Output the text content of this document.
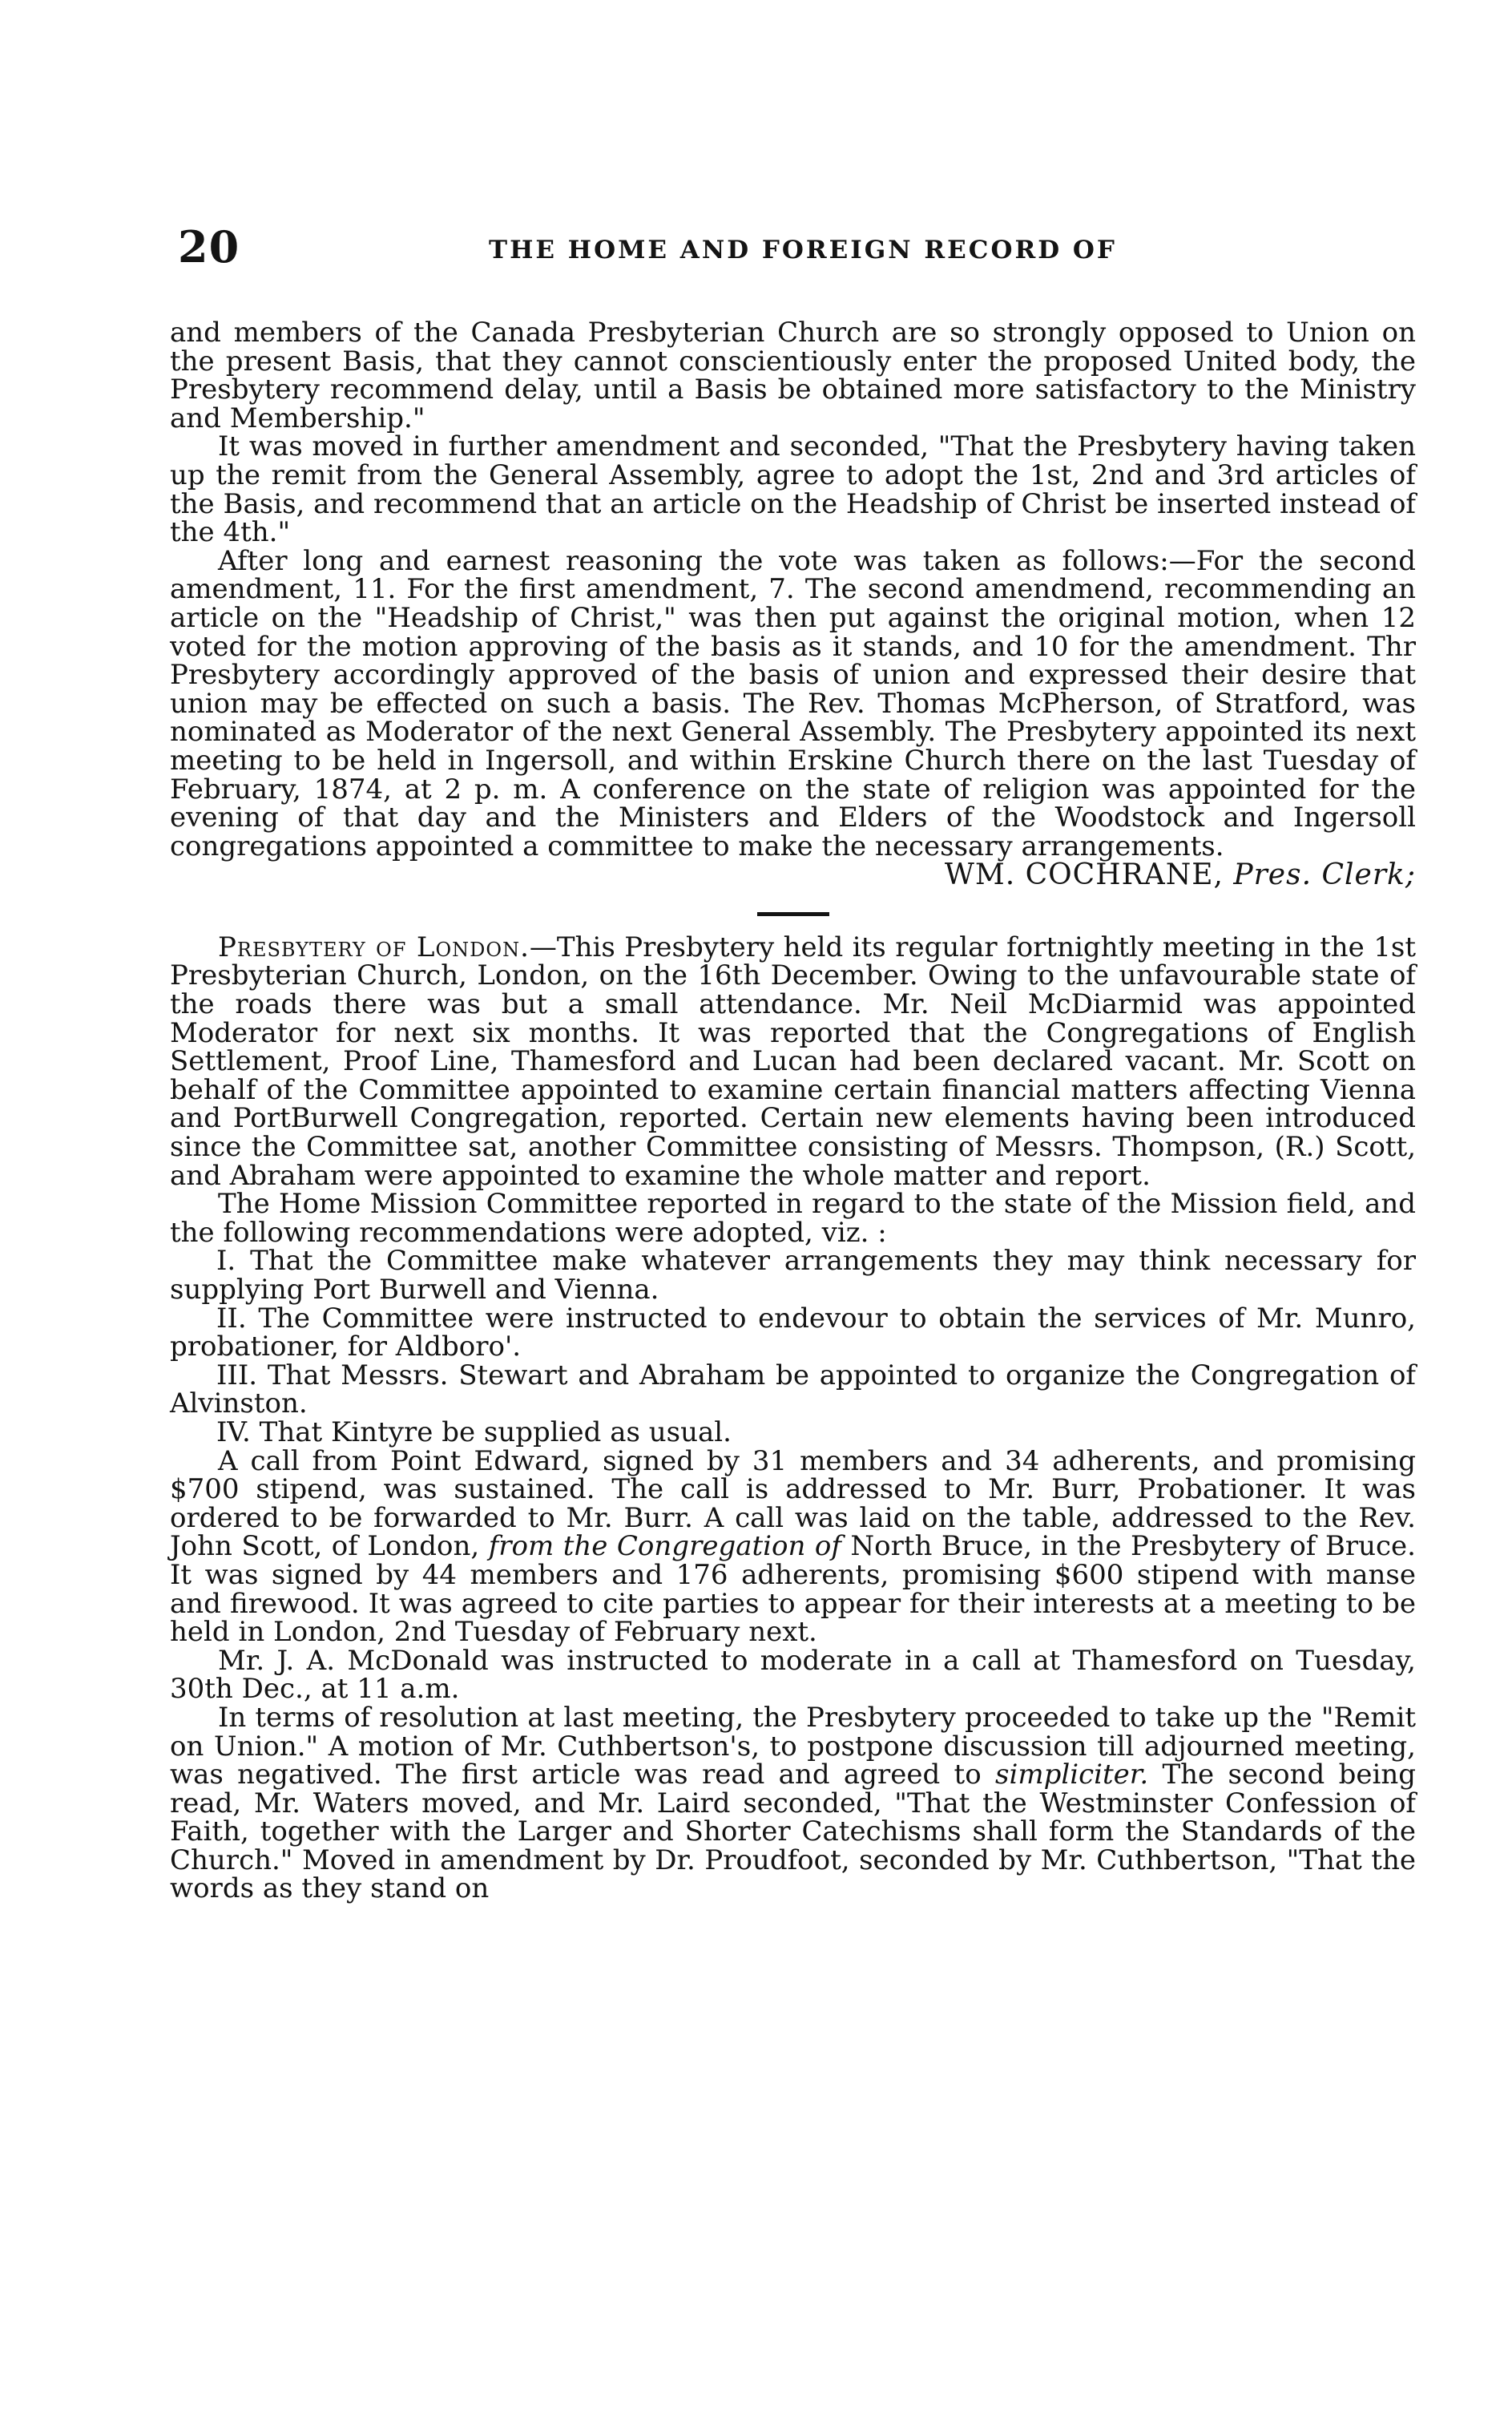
20	THE HOME AND FOREIGN RECORD OF

and members of the Canada Presbyterian Church are so strongly opposed to Union on the present Basis, that they cannot conscientiously enter the proposed United body, the Presbytery recommend delay, until a Basis be obtained more satisfactory to the Ministry and Membership."

It was moved in further amendment and seconded, "That the Presbytery having taken up the remit from the General Assembly, agree to adopt the 1st, 2nd and 3rd articles of the Basis, and recommend that an article on the Headship of Christ be inserted instead of the 4th."

After long and earnest reasoning the vote was taken as follows:—For the second amendment, 11. For the first amendment, 7. The second amendmend, recommending an article on the "Headship of Christ," was then put against the original motion, when 12 voted for the motion approving of the basis as it stands, and 10 for the amendment. Thr Presbytery accordingly approved of the basis of union and expressed their desire that union may be effected on such a basis. The Rev. Thomas McPherson, of Stratford, was nominated as Moderator of the next General Assembly. The Presbytery appointed its next meeting to be held in Ingersoll, and within Erskine Church there on the last Tuesday of February, 1874, at 2 p. m. A conference on the state of religion was appointed for the evening of that day and the Ministers and Elders of the Woodstock and Ingersoll congregations appointed a committee to make the necessary arrangements.

WM. COCHRANE, Pres. Clerk;

Presbytery of London.—This Presbytery held its regular fortnightly meeting in the 1st Presbyterian Church, London, on the 16th December. Owing to the unfavourable state of the roads there was but a small attendance. Mr. Neil McDiarmid was appointed Moderator for next six months. It was reported that the Congregations of English Settlement, Proof Line, Thamesford and Lucan had been declared vacant. Mr. Scott on behalf of the Committee appointed to examine certain financial matters affecting Vienna and PortBurwell Congregation, reported. Certain new elements having been introduced since the Committee sat, another Committee consisting of Messrs. Thompson, (R.) Scott, and Abraham were appointed to examine the whole matter and report.

The Home Mission Committee reported in regard to the state of the Mission field, and the following recommendations were adopted, viz. :

I. That the Committee make whatever arrangements they may think necessary for supplying Port Burwell and Vienna.

II. The Committee were instructed to endevour to obtain the services of Mr. Munro, probationer, for Aldboro'.

III. That Messrs. Stewart and Abraham be appointed to organize the Congregation of Alvinston.

IV. That Kintyre be supplied as usual.

A call from Point Edward, signed by 31 members and 34 adherents, and promising $700 stipend, was sustained. The call is addressed to Mr. Burr, Probationer. It was ordered to be forwarded to Mr. Burr. A call was laid on the table, addressed to the Rev. John Scott, of London, from the Congregation of North Bruce, in the Presbytery of Bruce. It was signed by 44 members and 176 adherents, promising $600 stipend with manse and firewood. It was agreed to cite parties to appear for their interests at a meeting to be held in London, 2nd Tuesday of February next.

Mr. J. A. McDonald was instructed to moderate in a call at Thamesford on Tuesday, 30th Dec., at 11 a.m.

In terms of resolution at last meeting, the Presbytery proceeded to take up the "Remit on Union." A motion of Mr. Cuthbertson's, to postpone discussion till adjourned meeting, was negatived. The first article was read and agreed to simpliciter. The second being read, Mr. Waters moved, and Mr. Laird seconded, "That the Westminster Confession of Faith, together with the Larger and Shorter Catechisms shall form the Standards of the Church." Moved in amendment by Dr. Proudfoot, seconded by Mr. Cuthbertson, "That the words as they stand on
